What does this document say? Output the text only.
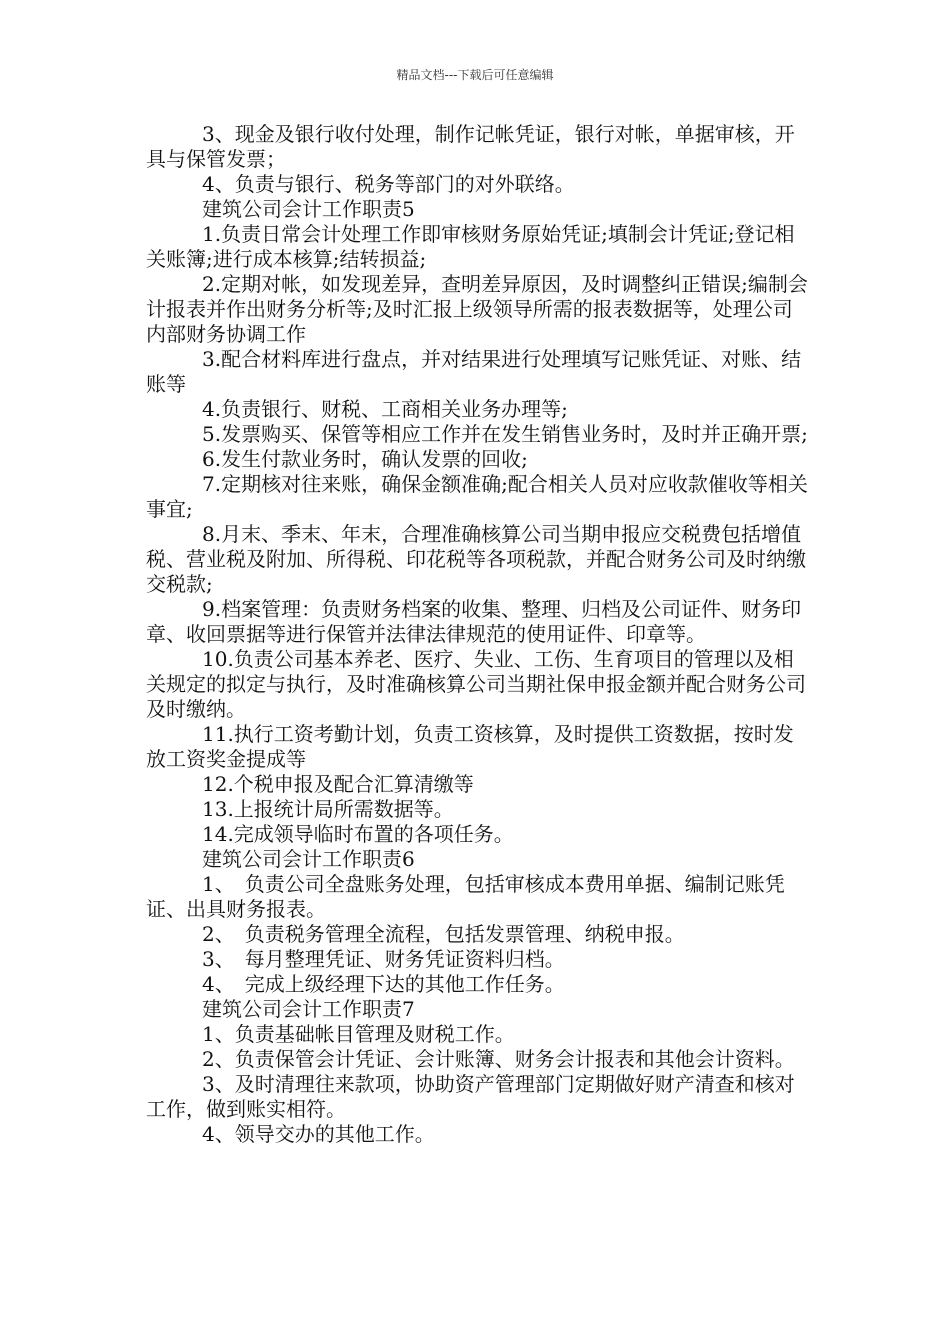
精品文档---下载后可任意编辑

3、现金及银行收付处理，制作记帐凭证，银行对帐，单据审核，开具与保管发票；

4、负责与银行、税务等部门的对外联络。

建筑公司会计工作职责5

1.负责日常会计处理工作即审核财务原始凭证;填制会计凭证;登记相关账簿;进行成本核算;结转损益;

2.定期对帐，如发现差异，查明差异原因，及时调整纠正错误;编制会计报表并作出财务分析等;及时汇报上级领导所需的报表数据等，处理公司内部财务协调工作

3.配合材料库进行盘点，并对结果进行处理填写记账凭证、对账、结账等

4.负责银行、财税、工商相关业务办理等;

5.发票购买、保管等相应工作并在发生销售业务时，及时并正确开票;

6.发生付款业务时，确认发票的回收;

7.定期核对往来账，确保金额准确;配合相关人员对应收款催收等相关事宜;

8.月末、季末、年末，合理准确核算公司当期申报应交税费包括增值税、营业税及附加、所得税、印花税等各项税款，并配合财务公司及时纳缴交税款;

9.档案管理：负责财务档案的收集、整理、归档及公司证件、财务印章、收回票据等进行保管并法律法律规范的使用证件、印章等。

10.负责公司基本养老、医疗、失业、工伤、生育项目的管理以及相关规定的拟定与执行，及时准确核算公司当期社保申报金额并配合财务公司及时缴纳。

11.执行工资考勤计划，负责工资核算，及时提供工资数据，按时发放工资奖金提成等

12.个税申报及配合汇算清缴等

13.上报统计局所需数据等。

14.完成领导临时布置的各项任务。

建筑公司会计工作职责6

1、　负责公司全盘账务处理，包括审核成本费用单据、编制记账凭证、出具财务报表。

2、　负责税务管理全流程，包括发票管理、纳税申报。

3、　每月整理凭证、财务凭证资料归档。

4、　完成上级经理下达的其他工作任务。

建筑公司会计工作职责7

1、负责基础帐目管理及财税工作。

2、负责保管会计凭证、会计账簿、财务会计报表和其他会计资料。

3、及时清理往来款项，协助资产管理部门定期做好财产清查和核对工作，做到账实相符。

4、领导交办的其他工作。
